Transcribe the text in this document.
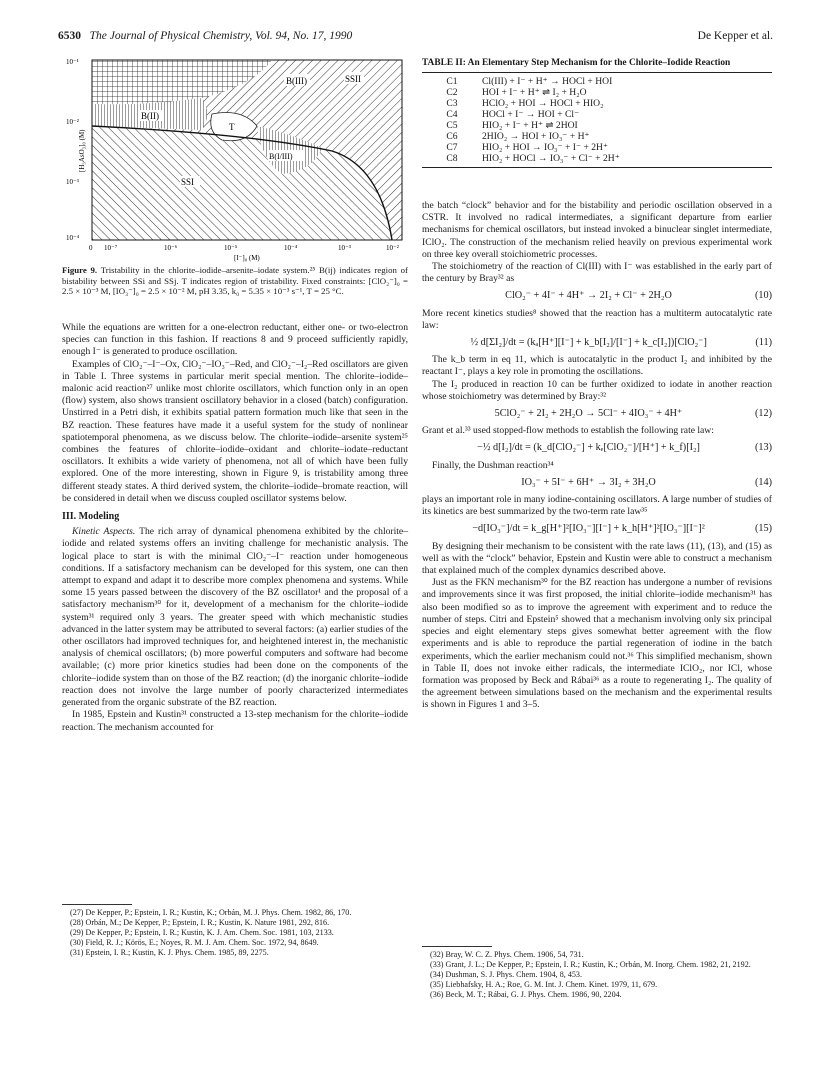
6530 The Journal of Physical Chemistry, Vol. 94, No. 17, 1990	De Kepper et al.
B(III)	SSII
B(II)
T
B(I/III)
SSI
10⁻¹
10⁻²
10⁻³
10⁻⁴
[H₃AsO₃]₀ (M)
0 10⁻⁷	10⁻⁶	10⁻⁵	10⁻⁴	10⁻³	10⁻²
[I⁻]₀ (M)
Figure 9. Tristability in the chlorite–iodide–arsenite–iodate system.²⁵ B(ij) indicates region of bistability between SSi and SSj. T indicates region of tristability. Fixed constraints: [ClO₂⁻]₀ = 2.5 × 10⁻³ M, [IO₃⁻]₀ = 2.5 × 10⁻² M, pH 3.35, k₀ = 5.35 × 10⁻³ s⁻¹, T = 25 °C.

While the equations are written for a one-electron reductant, either one- or two-electron species can function in this fashion. If reactions 8 and 9 proceed sufficiently rapidly, enough I⁻ is generated to produce oscillation.

Examples of ClO₂⁻–I⁻–Ox, ClO₂⁻–IO₃⁻–Red, and ClO₂⁻–I₂–Red oscillators are given in Table I. Three systems in particular merit special mention. The chlorite–iodide–malonic acid reaction²⁷ unlike most chlorite oscillators, which function only in an open (flow) system, also shows transient oscillatory behavior in a closed (batch) configuration. Unstirred in a Petri dish, it exhibits spatial pattern formation much like that seen in the BZ reaction. These features have made it a useful system for the study of nonlinear spatiotemporal phenomena, as we discuss below. The chlorite–iodide–arsenite system²⁵ combines the features of chlorite–iodide–oxidant and chlorite–iodate–reductant oscillators. It exhibits a wide variety of phenomena, not all of which have been fully explored. One of the more interesting, shown in Figure 9, is tristability among three different steady states. A third derived system, the chlorite–iodide–bromate reaction, will be considered in detail when we discuss coupled oscillator systems below.

III. Modeling

Kinetic Aspects. The rich array of dynamical phenomena exhibited by the chlorite–iodide and related systems offers an inviting challenge for mechanistic analysis. The logical place to start is with the minimal ClO₂⁻–I⁻ reaction under homogeneous conditions. If a satisfactory mechanism can be developed for this system, one can then attempt to expand and adapt it to describe more complex phenomena and systems. While some 15 years passed between the discovery of the BZ oscillator¹ and the proposal of a satisfactory mechanism³⁰ for it, development of a mechanism for the chlorite–iodide system³¹ required only 3 years. The greater speed with which mechanistic studies advanced in the latter system may be attributed to several factors: (a) earlier studies of the other oscillators had improved techniques for, and heightened interest in, the mechanistic analysis of chemical oscillators; (b) more powerful computers and software had become available; (c) more prior kinetics studies had been done on the components of the chlorite–iodide system than on those of the BZ reaction; (d) the inorganic chlorite–iodide reaction does not involve the large number of poorly characterized intermediates generated from the organic substrate of the BZ reaction.

In 1985, Epstein and Kustin³¹ constructed a 13-step mechanism for the chlorite–iodide reaction. The mechanism accounted for

(27) De Kepper, P.; Epstein, I. R.; Kustin, K.; Orbán, M. J. Phys. Chem. 1982, 86, 170.
(28) Orbán, M.; De Kepper, P.; Epstein, I. R.; Kustin, K. Nature 1981, 292, 816.
(29) De Kepper, P.; Epstein, I. R.; Kustin, K. J. Am. Chem. Soc. 1981, 103, 2133.
(30) Field, R. J.; Körös, E.; Noyes, R. M. J. Am. Chem. Soc. 1972, 94, 8649.
(31) Epstein, I. R.; Kustin, K. J. Phys. Chem. 1985, 89, 2275.
TABLE II: An Elementary Step Mechanism for the Chlorite–Iodide Reaction
C1	Cl(III) + I⁻ + H⁺ → HOCl + HOI
C2	HOI + I⁻ + H⁺ ⇌ I₂ + H₂O
C3	HClO₂ + HOI → HOCl + HIO₂
C4	HOCl + I⁻ → HOI + Cl⁻
C5	HIO₂ + I⁻ + H⁺ ⇌ 2HOI
C6	2HIO₂ → HOI + IO₃⁻ + H⁺
C7	HIO₂ + HOI → IO₃⁻ + I⁻ + 2H⁺
C8	HIO₂ + HOCl → IO₃⁻ + Cl⁻ + 2H⁺

the batch “clock” behavior and for the bistability and periodic oscillation observed in a CSTR. It involved no radical intermediates, a significant departure from earlier mechanisms for chemical oscillators, but instead invoked a binuclear singlet intermediate, IClO₂. The construction of the mechanism relied heavily on previous experimental work on three key overall stoichiometric processes.

The stoichiometry of the reaction of Cl(III) with I⁻ was established in the early part of the century by Bray³² as

ClO₂⁻ + 4I⁻ + 4H⁺ → 2I₂ + Cl⁻ + 2H₂O	(10)

More recent kinetics studies⁸ showed that the reaction has a multiterm autocatalytic rate law:

½ d[ΣI₂]/dt = (kₐ[H⁺][I⁻] + k_b[I₂]/[I⁻] + k_c[I₂])[ClO₂⁻]	(11)

The k_b term in eq 11, which is autocatalytic in the product I₂ and inhibited by the reactant I⁻, plays a key role in promoting the oscillations.

The I₂ produced in reaction 10 can be further oxidized to iodate in another reaction whose stoichiometry was determined by Bray:³²

5ClO₂⁻ + 2I₂ + 2H₂O → 5Cl⁻ + 4IO₃⁻ + 4H⁺	(12)

Grant et al.³³ used stopped-flow methods to establish the following rate law:

−½ d[I₂]/dt = (k_d[ClO₂⁻] + kₑ[ClO₂⁻]/[H⁺] + k_f)[I₂]	(13)

Finally, the Dushman reaction³⁴

IO₃⁻ + 5I⁻ + 6H⁺ → 3I₂ + 3H₂O	(14)

plays an important role in many iodine-containing oscillators. A large number of studies of its kinetics are best summarized by the two-term rate law³⁵

−d[IO₃⁻]/dt = k_g[H⁺]²[IO₃⁻][I⁻] + k_h[H⁺]²[IO₃⁻][I⁻]²	(15)

By designing their mechanism to be consistent with the rate laws (11), (13), and (15) as well as with the “clock” behavior, Epstein and Kustin were able to construct a mechanism that explained much of the complex dynamics described above.

Just as the FKN mechanism³⁰ for the BZ reaction has undergone a number of revisions and improvements since it was first proposed, the initial chlorite–iodide mechanism³¹ has also been modified so as to improve the agreement with experiment and to reduce the number of steps. Citri and Epstein⁵ showed that a mechanism involving only six principal species and eight elementary steps gives somewhat better agreement with the flow experiments and is able to reproduce the partial regeneration of iodine in the batch experiments, which the earlier mechanism could not.³⁶ This simplified mechanism, shown in Table II, does not invoke either radicals, the intermediate IClO₂, nor ICl, whose formation was proposed by Beck and Rábai³⁶ as a route to regenerating I₂. The quality of the agreement between simulations based on the mechanism and the experimental results is shown in Figures 1 and 3–5.

(32) Bray, W. C. Z. Phys. Chem. 1906, 54, 731.
(33) Grant, J. L.; De Kepper, P.; Epstein, I. R.; Kustin, K.; Orbán, M. Inorg. Chem. 1982, 21, 2192.
(34) Dushman, S. J. Phys. Chem. 1904, 8, 453.
(35) Liebhafsky, H. A.; Roe, G. M. Int. J. Chem. Kinet. 1979, 11, 679.
(36) Beck, M. T.; Rábai, G. J. Phys. Chem. 1986, 90, 2204.
